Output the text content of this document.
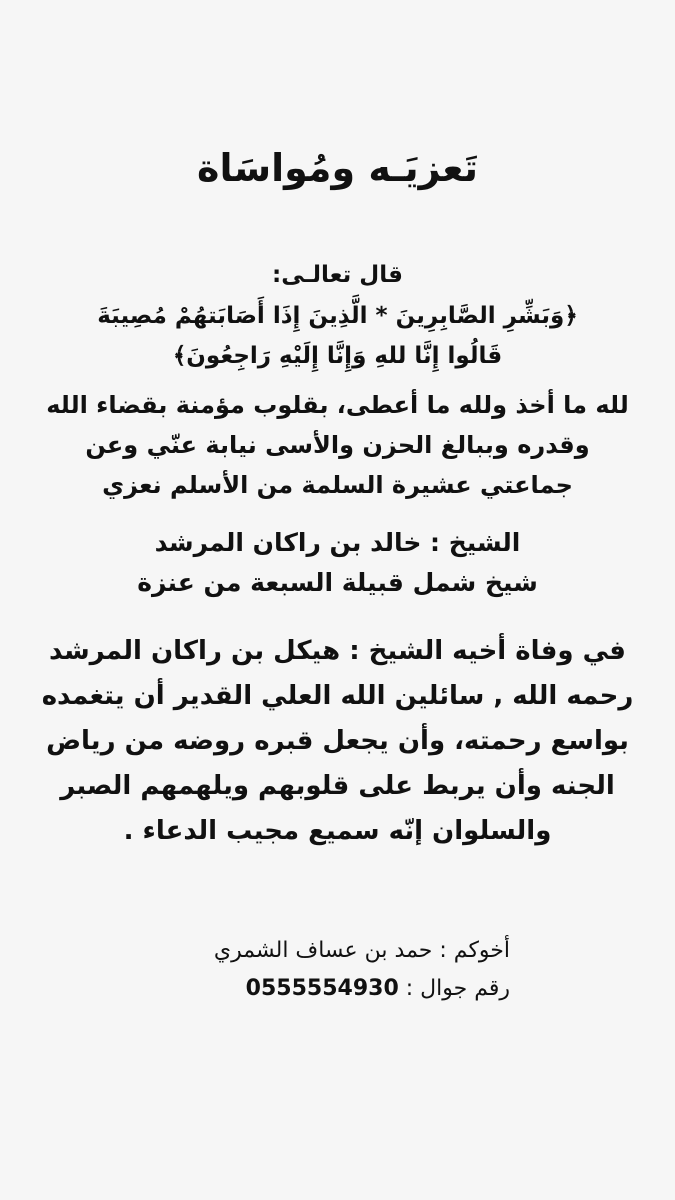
تَعزيَـه ومُواسَاة
قال تعالـى:
﴿وَبَشِّرِ الصَّابِرِينَ * الَّذِينَ إِذَا أَصَابَتهُمْ مُصِيبَةَ
قَالُوا إِنَّا للهِ وَإِنَّا إِلَيْهِ رَاجِعُونَ﴾
لله ما أخذ ولله ما أعطى، بقلوب مؤمنة بقضاء الله
وقدره وببالغ الحزن والأسى نيابة عنّي وعن
جماعتي عشيرة السلمة من الأسلم نعزي
الشيخ : خالد بن راكان المرشد
شيخ شمل قبيلة السبعة من عنزة
في وفاة أخيه الشيخ : هيكل بن راكان المرشد
رحمه الله , سائلين الله العلي القدير أن يتغمده
بواسع رحمته، وأن يجعل قبره روضه من رياض
الجنه وأن يربط على قلوبهم ويلهمهم الصبر
والسلوان إنّه سميع مجيب الدعاء .
أخوكم : حمد بن عساف الشمري
رقم جوال : 0555554930
